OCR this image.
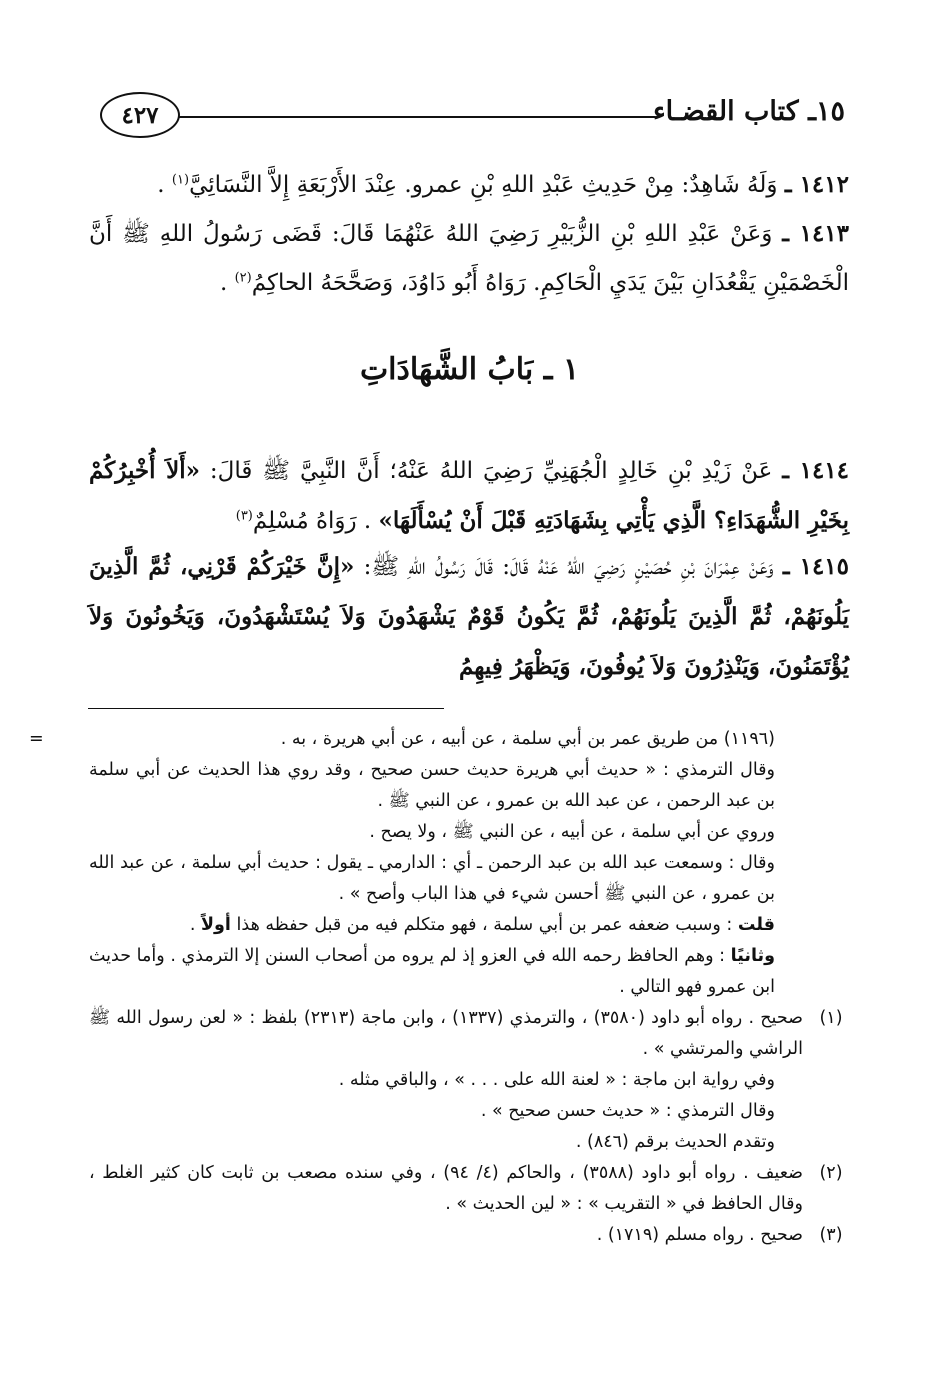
١٥ـ كتاب القضـاء
٤٢٧

١٤١٢ ـ وَلَهُ شَاهِدٌ: مِنْ حَدِيثِ عَبْدِ اللهِ بْنِ عمرو. عِنْدَ الأَرْبَعَةِ إِلاَّ النَّسَائِيَّ$^{(١)}$ .

١٤١٣ ـ وَعَنْ عَبْدِ اللهِ بْنِ الزُّبَيْرِ رَضِيَ اللهُ عَنْهُمَا قَالَ: قَضَى رَسُولُ اللهِ ﷺ أَنَّ الْخَصْمَيْنِ يَقْعُدَانِ بَيْنَ يَدَيِ الْحَاكِمِ. رَوَاهُ أَبُو دَاوُدَ، وَصَحَّحَهُ الحاكِمُ$^{(٢)}$ .

١ ـ بَابُ الشَّهَادَاتِ

١٤١٤ ـ عَنْ زَيْدِ بْنِ خَالِدٍ الْجُهَنِيِّ رَضِيَ اللهُ عَنْهُ؛ أَنَّ النَّبِيَّ ﷺ قَالَ: «أَلاَ أُخْبِرُكُمْ بِخَيْرِ الشُّهَدَاءِ؟ الَّذِي يَأْتِي بِشَهَادَتِهِ قَبْلَ أَنْ يُسْأَلَهَا» . رَوَاهُ مُسْلِمٌ$^{(٣)}$

١٤١٥ ـ وَعَنْ عِمْرَانَ بْنِ حُصَيْنٍ رَضِيَ اللهُ عَنْهُ قَالَ: قَالَ رَسُولُ اللهِ ﷺ: «إِنَّ خَيْرَكُمْ قَرْنِي، ثُمَّ الَّذِينَ يَلُونَهُمْ، ثُمَّ الَّذِينَ يَلُونَهُمْ، ثُمَّ يَكُونُ قَوْمٌ يَشْهَدُونَ وَلاَ يُسْتَشْهَدُونَ، وَيَخُونُونَ وَلاَ يُؤْتَمَنُونَ، وَيَنْذِرُونَ وَلاَ يُوفُونَ، وَيَظْهَرُ فِيهِمُ

=	(١١٩٦) من طريق عمر بن أبي سلمة ، عن أبيه ، عن أبي هريرة ، به .
وقال الترمذي : « حديث أبي هريرة حديث حسن صحيح ، وقد روي هذا الحديث عن أبي سلمة بن عبد الرحمن ، عن عبد الله بن عمرو ، عن النبي ﷺ .
وروي عن أبي سلمة ، عن أبيه ، عن النبي ﷺ ، ولا يصح .
وقال : وسمعت عبد الله بن عبد الرحمن ـ أي : الدارمي ـ يقول : حديث أبي سلمة ، عن عبد الله بن عمرو ، عن النبي ﷺ أحسن شيء في هذا الباب وأصح » .
قلت : وسبب ضعفه عمر بن أبي سلمة ، فهو متكلم فيه من قبل حفظه هذا أولاً .
وثانيًا : وهم الحافظ رحمه الله في العزو إذ لم يروه من أصحاب السنن إلا الترمذي . وأما حديث ابن عمرو فهو التالي .
(١)
صحيح . رواه أبو داود (٣٥٨٠) ، والترمذي (١٣٣٧) ، وابن ماجة (٢٣١٣) بلفظ : « لعن رسول الله ﷺ الراشي والمرتشي » .
وفي رواية ابن ماجة : « لعنة الله على . . . » ، والباقي مثله .
وقال الترمذي : « حديث حسن صحيح » .
وتقدم الحديث برقم (٨٤٦) .
(٢)
ضعيف . رواه أبو داود (٣٥٨٨) ، والحاكم (٤/ ٩٤) ، وفي سنده مصعب بن ثابت كان كثير الغلط ، وقال الحافظ في « التقريب » : « لين الحديث » .
(٣)
صحيح . رواه مسلم (١٧١٩) .
